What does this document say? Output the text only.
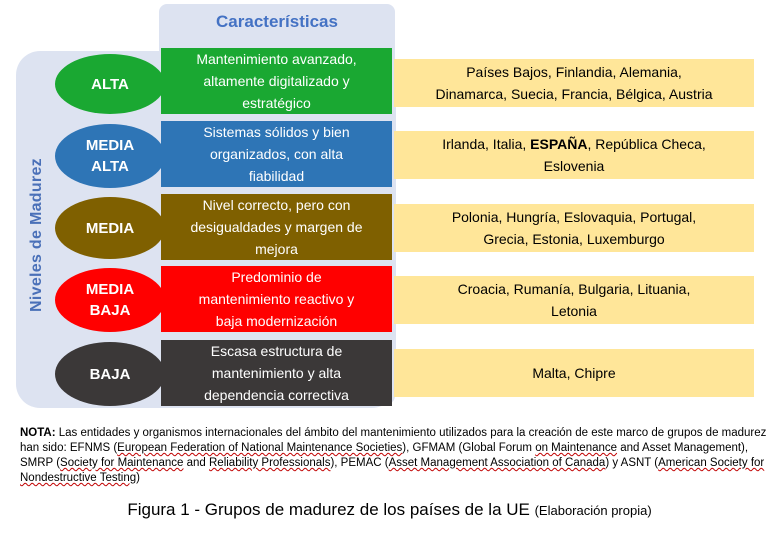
Características
Niveles de Madurez
ALTA
Mantenimiento avanzado,
altamente digitalizado y
estratégico
Países Bajos, Finlandia, Alemania,
Dinamarca, Suecia, Francia, Bélgica, Austria
MEDIA
ALTA
Sistemas sólidos y bien
organizados, con alta
fiabilidad
Irlanda, Italia, ESPAÑA, República Checa,
Eslovenia
MEDIA
Nivel correcto, pero con
desigualdades y margen de
mejora
Polonia, Hungría, Eslovaquia, Portugal,
Grecia, Estonia, Luxemburgo
MEDIA
BAJA
Predominio de
mantenimiento reactivo y
baja modernización
Croacia, Rumanía, Bulgaria, Lituania,
Letonia
BAJA
Escasa estructura de
mantenimiento y alta
dependencia correctiva
Malta, Chipre
NOTA: Las entidades y organismos internacionales del ámbito del mantenimiento utilizados para la creación de este marco de grupos de madurez han sido: EFNMS (European Federation of National Maintenance Societies), GFMAM (Global Forum on Maintenance and Asset Management), SMRP (Society for Maintenance and Reliability Professionals), PEMAC (Asset Management Association of Canada) y ASNT (American Society for Nondestructive Testing)
Figura 1 - Grupos de madurez de los países de la UE (Elaboración propia)
